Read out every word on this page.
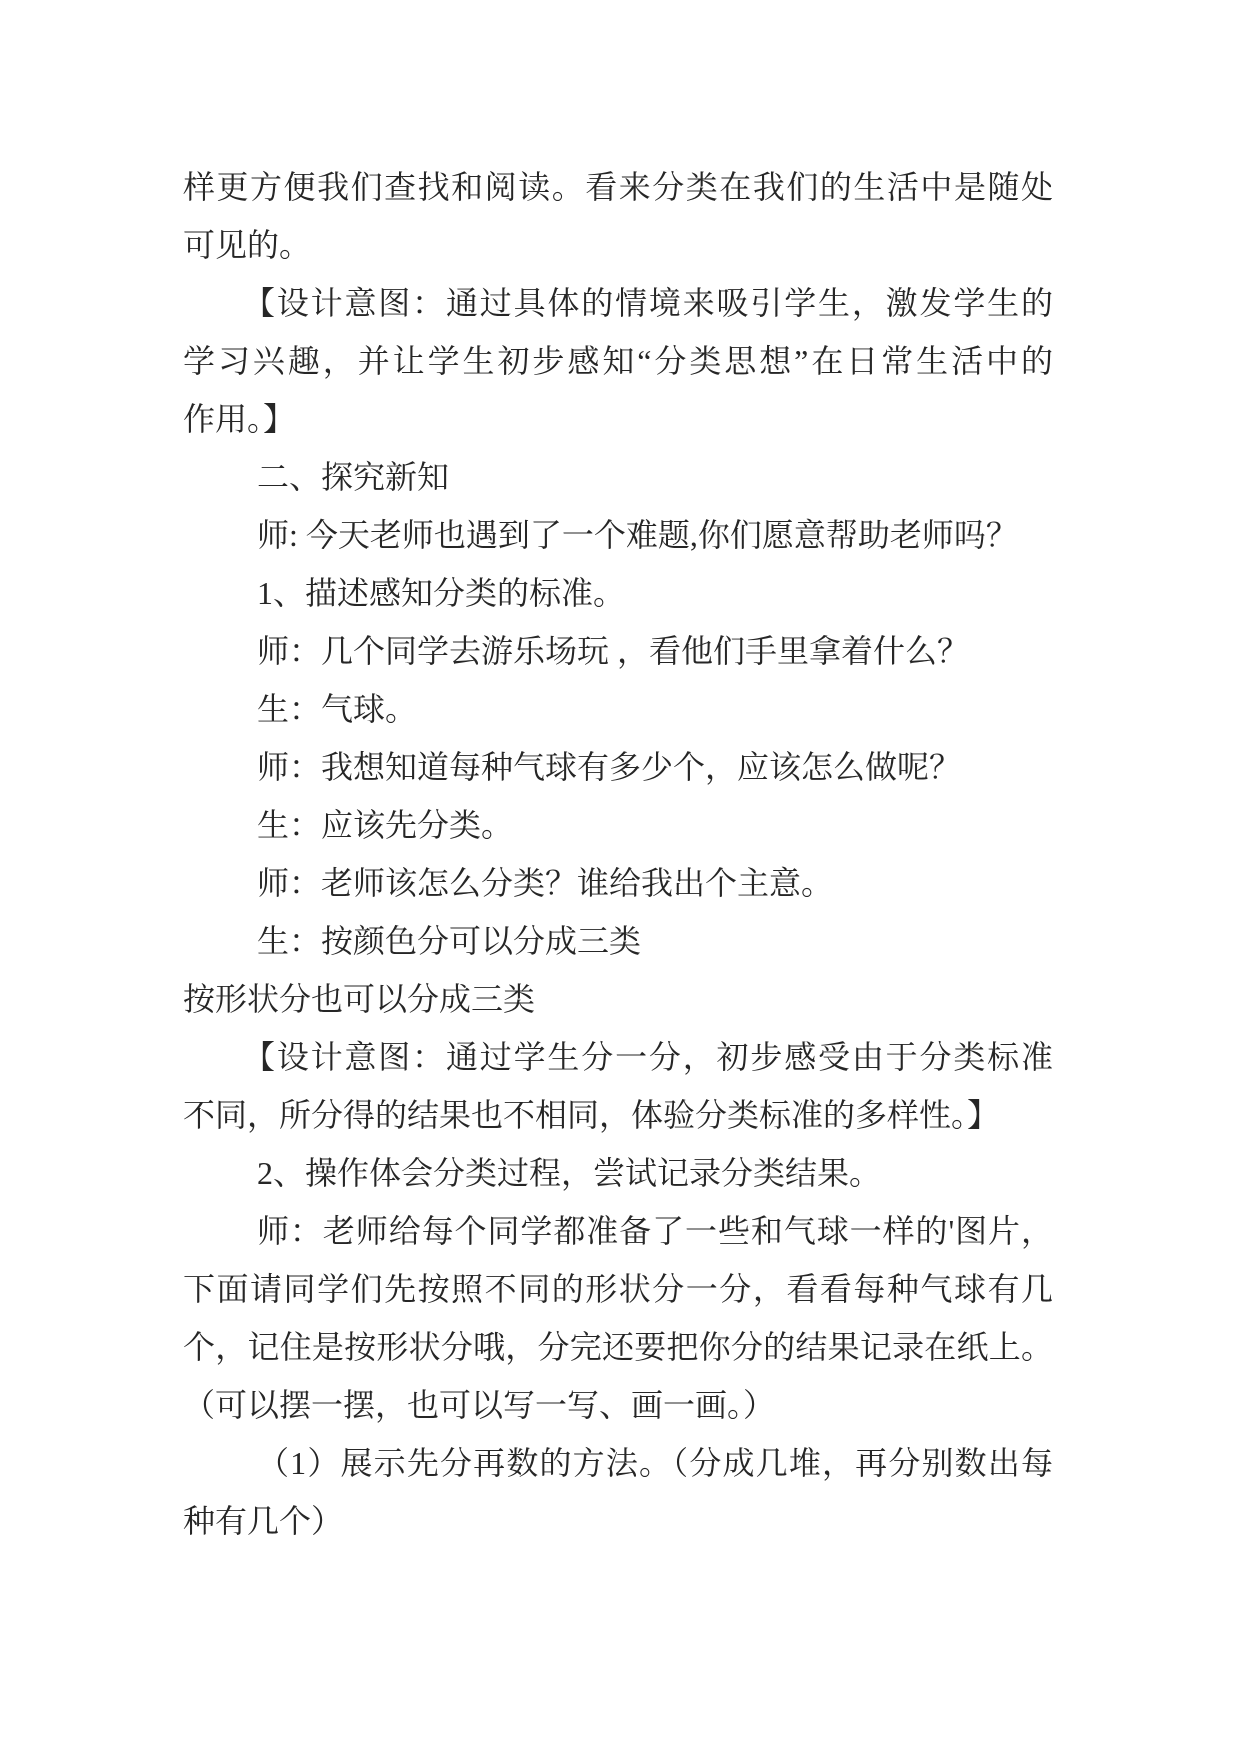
样更方便我们查找和阅读。看来分类在我们的生活中是随处
可见的。
【设计意图：通过具体的情境来吸引学生，激发学生的
学习兴趣，并让学生初步感知“分类思想”在日常生活中的
作用。】
二、探究新知
师: 今天老师也遇到了一个难题,你们愿意帮助老师吗？
1、描述感知分类的标准。
师：几个同学去游乐场玩 ，看他们手里拿着什么？
生：气球。
师：我想知道每种气球有多少个，应该怎么做呢？
生：应该先分类。
师：老师该怎么分类？谁给我出个主意。
生：按颜色分可以分成三类
按形状分也可以分成三类
【设计意图：通过学生分一分，初步感受由于分类标准
不同，所分得的结果也不相同，体验分类标准的多样性。】
2、操作体会分类过程，尝试记录分类结果。
师：老师给每个同学都准备了一些和气球一样的'图片，
下面请同学们先按照不同的形状分一分，看看每种气球有几
个，记住是按形状分哦，分完还要把你分的结果记录在纸上。
（可以摆一摆，也可以写一写、画一画。）
（1）展示先分再数的方法。（分成几堆，再分别数出每
种有几个）
